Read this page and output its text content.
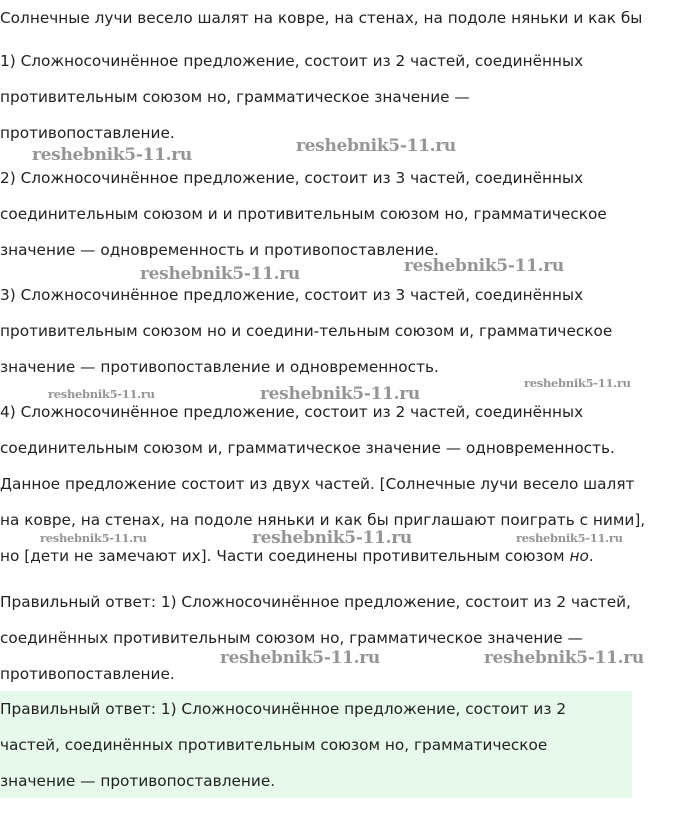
Солнечные лучи весело шалят на ковре, на стенах, на подоле няньки и как бы

1) Сложносочинённое предложение, состоит из 2 частей, соединённых

противительным союзом но, грамматическое значение —

противопоставление.

2) Сложносочинённое предложение, состоит из 3 частей, соединённых

соединительным союзом и и противительным союзом но, грамматическое

значение — одновременность и противопоставление.

3) Сложносочинённое предложение, состоит из 3 частей, соединённых

противительным союзом но и соедини-тельным союзом и, грамматическое

значение — противопоставление и одновременность.

4) Сложносочинённое предложение, состоит из 2 частей, соединённых

соединительным союзом и, грамматическое значение — одновременность.

Данное предложение состоит из двух частей. [Солнечные лучи весело шалят

на ковре, на стенах, на подоле няньки и как бы приглашают поиграть с ними],

но [дети не замечают их]. Части соединены противительным союзом но.

Правильный ответ: 1) Сложносочинённое предложение, состоит из 2 частей,

соединённых противительным союзом но, грамматическое значение —

противопоставление.

Правильный ответ: 1) Сложносочинённое предложение, состоит из 2

частей, соединённых противительным союзом но, грамматическое

значение — противопоставление.

reshebnik5-11.ru	reshebnik5-11.ru
reshebnik5-11.ru	reshebnik5-11.ru
reshebnik5-11.ru	reshebnik5-11.ru
reshebnik5-11.ru
reshebnik5-11.ru	reshebnik5-11.ru	reshebnik5-11.ru
reshebnik5-11.ru	reshebnik5-11.ru
